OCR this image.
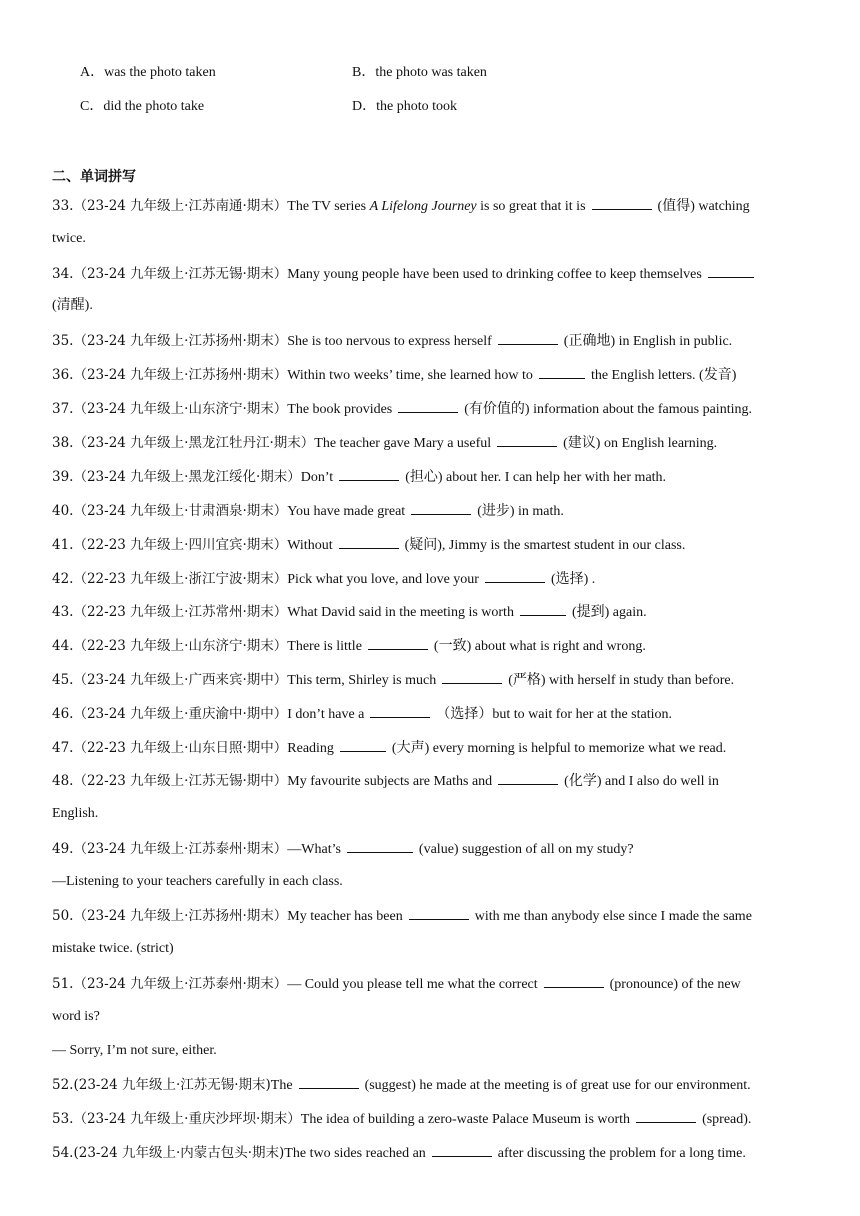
A．was the photo taken	B．the photo was taken
C．did the photo take	D．the photo took
二、单词拼写
33.（23-24 九年级上·江苏南通·期末）The TV series A Lifelong Journey is so great that it is	(值得) watching
twice.
34.（23-24 九年级上·江苏无锡·期末）Many young people have been used to drinking coffee to keep themselves
(清醒).
35.（23-24 九年级上·江苏扬州·期末）She is too nervous to express herself	(正确地) in English in public.
36.（23-24 九年级上·江苏扬州·期末）Within two weeks’ time, she learned how to	the English letters. (发音)
37.（23-24 九年级上·山东济宁·期末）The book provides	(有价值的) information about the famous painting.
38.（23-24 九年级上·黑龙江牡丹江·期末）The teacher gave Mary a useful	(建议) on English learning.
39.（23-24 九年级上·黑龙江绥化·期末）Don’t	(担心) about her. I can help her with her math.
40.（23-24 九年级上·甘肃酒泉·期末）You have made great	(进步) in math.
41.（22-23 九年级上·四川宜宾·期末）Without	(疑问), Jimmy is the smartest student in our class.
42.（22-23 九年级上·浙江宁波·期末）Pick what you love, and love your	(选择) .
43.（22-23 九年级上·江苏常州·期末）What David said in the meeting is worth	(提到) again.
44.（22-23 九年级上·山东济宁·期末）There is little	(一致) about what is right and wrong.
45.（23-24 九年级上·广西来宾·期中）This term, Shirley is much	(严格) with herself in study than before.
46.（23-24 九年级上·重庆渝中·期中）I don’t have a	（选择）but to wait for her at the station.
47.（22-23 九年级上·山东日照·期中）Reading	(大声) every morning is helpful to memorize what we read.
48.（22-23 九年级上·江苏无锡·期中）My favourite subjects are Maths and	(化学) and I also do well in
English.
49.（23-24 九年级上·江苏泰州·期末）—What’s	(value) suggestion of all on my study?
—Listening to your teachers carefully in each class.
50.（23-24 九年级上·江苏扬州·期末）My teacher has been	with me than anybody else since I made the same
mistake twice. (strict)
51.（23-24 九年级上·江苏泰州·期末）— Could you please tell me what the correct	(pronounce) of the new
word is?
— Sorry, I’m not sure, either.
52.(23-24 九年级上·江苏无锡·期末)The	(suggest) he made at the meeting is of great use for our environment.
53.（23-24 九年级上·重庆沙坪坝·期末）The idea of building a zero-waste Palace Museum is worth	(spread).
54.(23-24 九年级上·内蒙古包头·期末)The two sides reached an	after discussing the problem for a long time.
